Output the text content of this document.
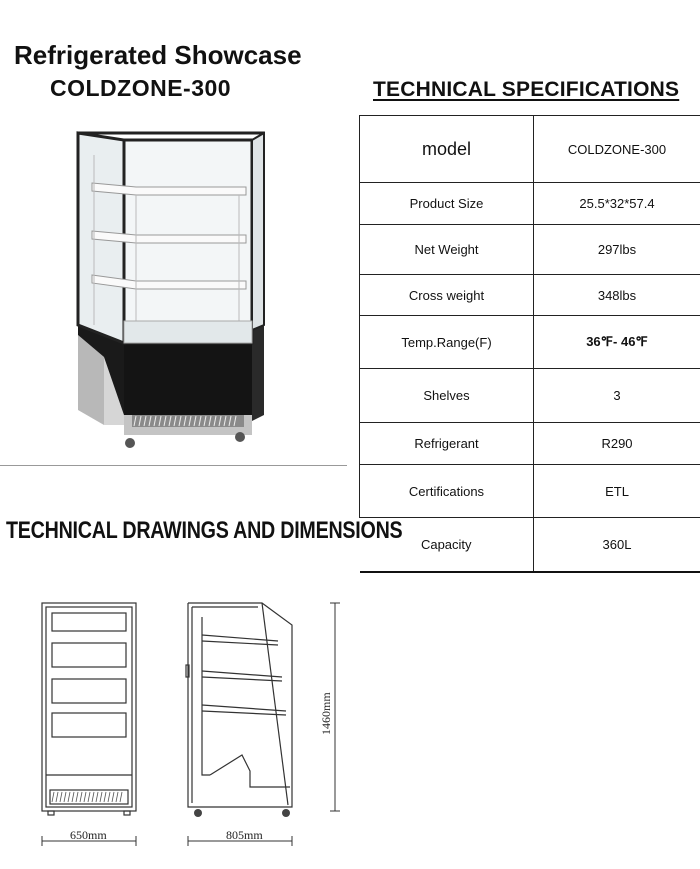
Refrigerated Showcase
COLDZONE-300	TECHNICAL SPECIFICATIONS
model	COLDZONE-300
Product Size	25.5*32*57.4
Net Weight	297lbs
Cross weight	348lbs
Temp.Range(F)	36℉- 46℉
Shelves	3
Refrigerant	R290
Certifications	ETL
Capacity	360L
TECHNICAL DRAWINGS AND DIMENSIONS
650mm	805mm
1460mm
